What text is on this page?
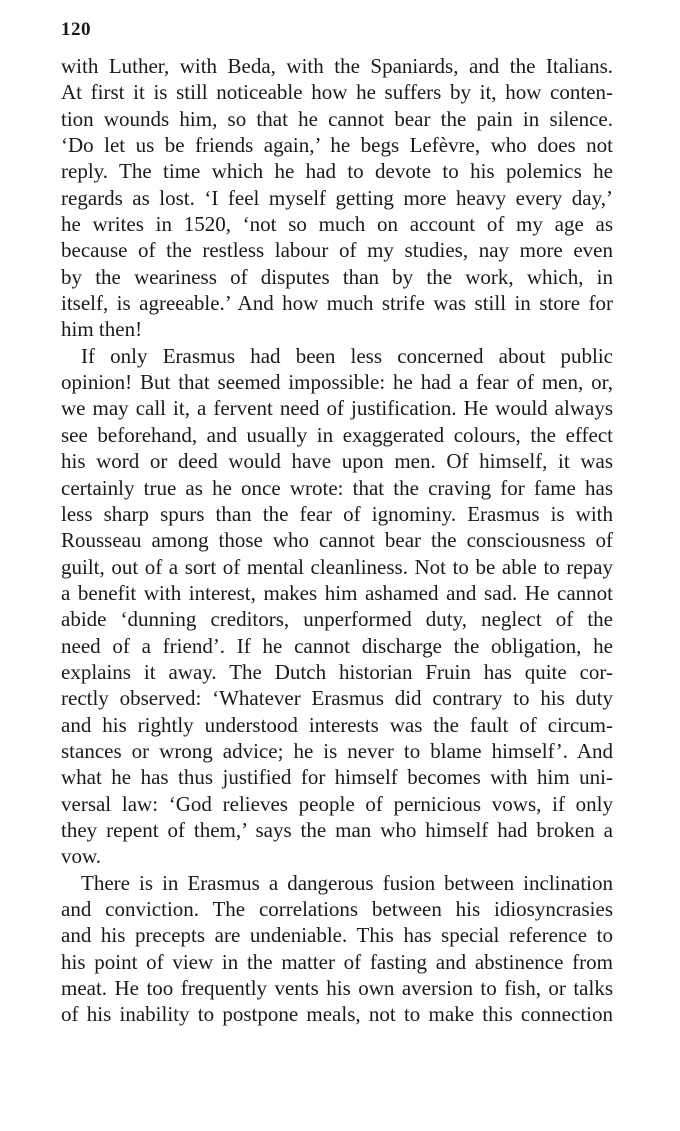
120
with Luther, with Beda, with the Spaniards, and the Italians.
At first it is still noticeable how he suffers by it, how conten-
tion wounds him, so that he cannot bear the pain in silence.
‘Do let us be friends again,’ he begs Lefèvre, who does not
reply. The time which he had to devote to his polemics he
regards as lost. ‘I feel myself getting more heavy every day,’
he writes in 1520, ‘not so much on account of my age as
because of the restless labour of my studies, nay more even
by the weariness of disputes than by the work, which, in
itself, is agreeable.’ And how much strife was still in store for
him then!
If only Erasmus had been less concerned about public
opinion! But that seemed impossible: he had a fear of men, or,
we may call it, a fervent need of justification. He would always
see beforehand, and usually in exaggerated colours, the effect
his word or deed would have upon men. Of himself, it was
certainly true as he once wrote: that the craving for fame has
less sharp spurs than the fear of ignominy. Erasmus is with
Rousseau among those who cannot bear the consciousness of
guilt, out of a sort of mental cleanliness. Not to be able to repay
a benefit with interest, makes him ashamed and sad. He cannot
abide ‘dunning creditors, unperformed duty, neglect of the
need of a friend’. If he cannot discharge the obligation, he
explains it away. The Dutch historian Fruin has quite cor-
rectly observed: ‘Whatever Erasmus did contrary to his duty
and his rightly understood interests was the fault of circum-
stances or wrong advice; he is never to blame himself’. And
what he has thus justified for himself becomes with him uni-
versal law: ‘God relieves people of pernicious vows, if only
they repent of them,’ says the man who himself had broken a
vow.
There is in Erasmus a dangerous fusion between inclination
and conviction. The correlations between his idiosyncrasies
and his precepts are undeniable. This has special reference to
his point of view in the matter of fasting and abstinence from
meat. He too frequently vents his own aversion to fish, or talks
of his inability to postpone meals, not to make this connection
